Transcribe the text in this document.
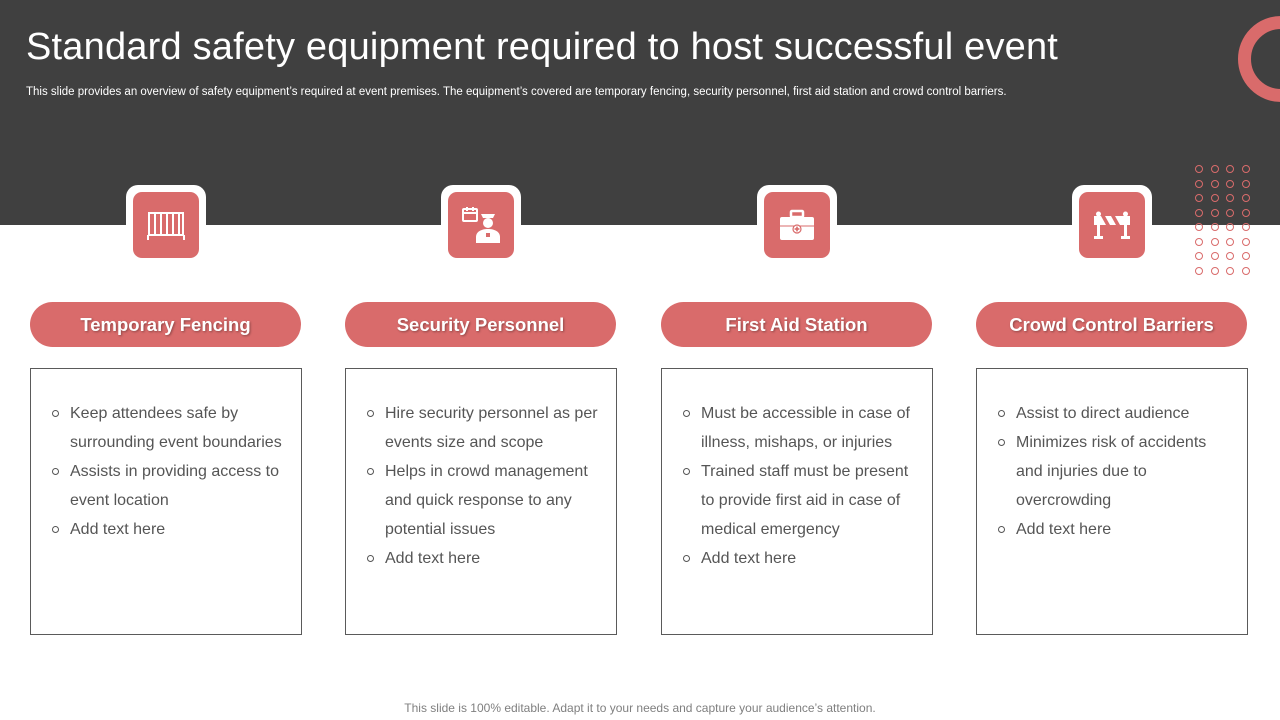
Standard safety equipment required to host successful event

This slide provides an overview of safety equipment’s required at event premises. The equipment’s covered are temporary fencing, security personnel, first aid station and crowd control barriers.

Temporary Fencing
Keep attendees safe by surrounding event boundaries
Assists in providing access to event location
Add text here
Security Personnel
Hire security personnel as per events size and scope
Helps in crowd management and quick response to any potential issues
Add text here
First Aid Station
Must be accessible in case of illness, mishaps, or injuries
Trained staff must be present to provide first aid in case of medical emergency
Add text here
Crowd Control Barriers
Assist to direct audience
Minimizes risk of accidents and injuries due to overcrowding
Add text here
This slide is 100% editable. Adapt it to your needs and capture your audience’s attention.
